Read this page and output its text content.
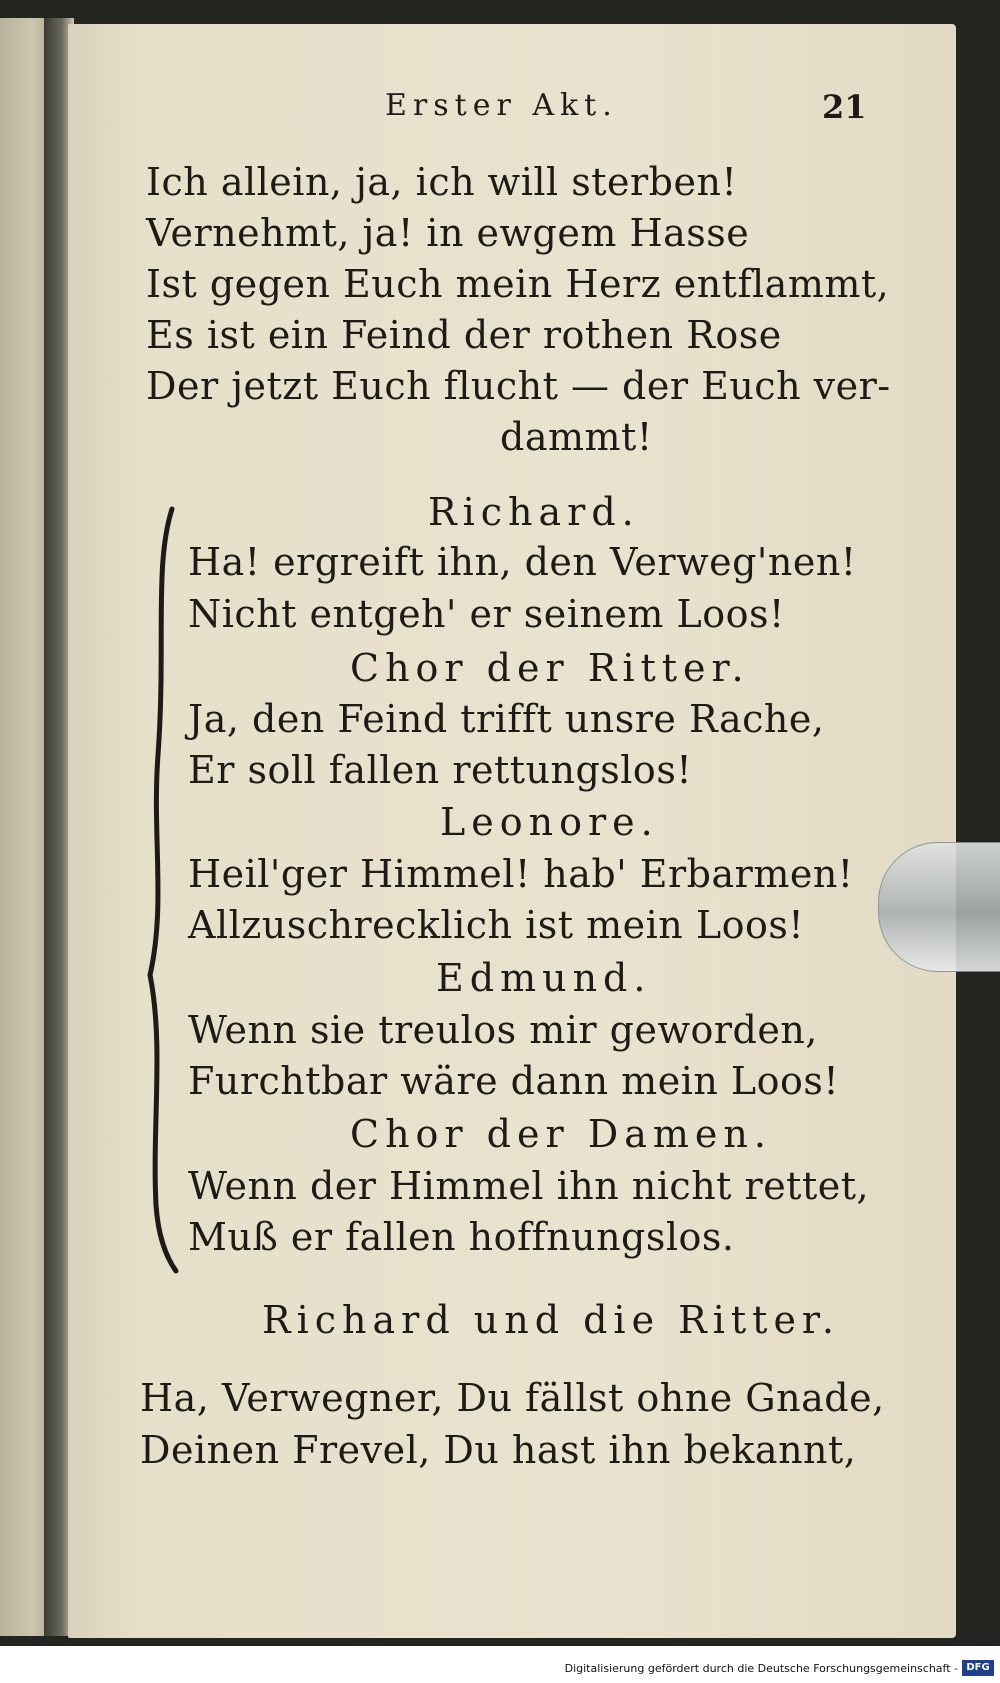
Erster Akt.	21
Ich allein, ja, ich will sterben!
Vernehmt, ja! in ewgem Hasse
Ist gegen Euch mein Herz entflammt,
Es ist ein Feind der rothen Rose
Der jetzt Euch flucht — der Euch ver-
dammt!
Richard.
Ha! ergreift ihn, den Verweg'nen!
Nicht entgeh' er seinem Loos!
Chor der Ritter.
Ja, den Feind trifft unsre Rache,
Er soll fallen rettungslos!
Leonore.
Heil'ger Himmel! hab' Erbarmen!
Allzuschrecklich ist mein Loos!
Edmund.
Wenn sie treulos mir geworden,
Furchtbar wäre dann mein Loos!
Chor der Damen.
Wenn der Himmel ihn nicht rettet,
Muß er fallen hoffnungslos.
Richard und die Ritter.
Ha, Verwegner, Du fällst ohne Gnade,
Deinen Frevel, Du hast ihn bekannt,
Digitalisierung gefördert durch die Deutsche Forschungsgemeinschaft - DFG
